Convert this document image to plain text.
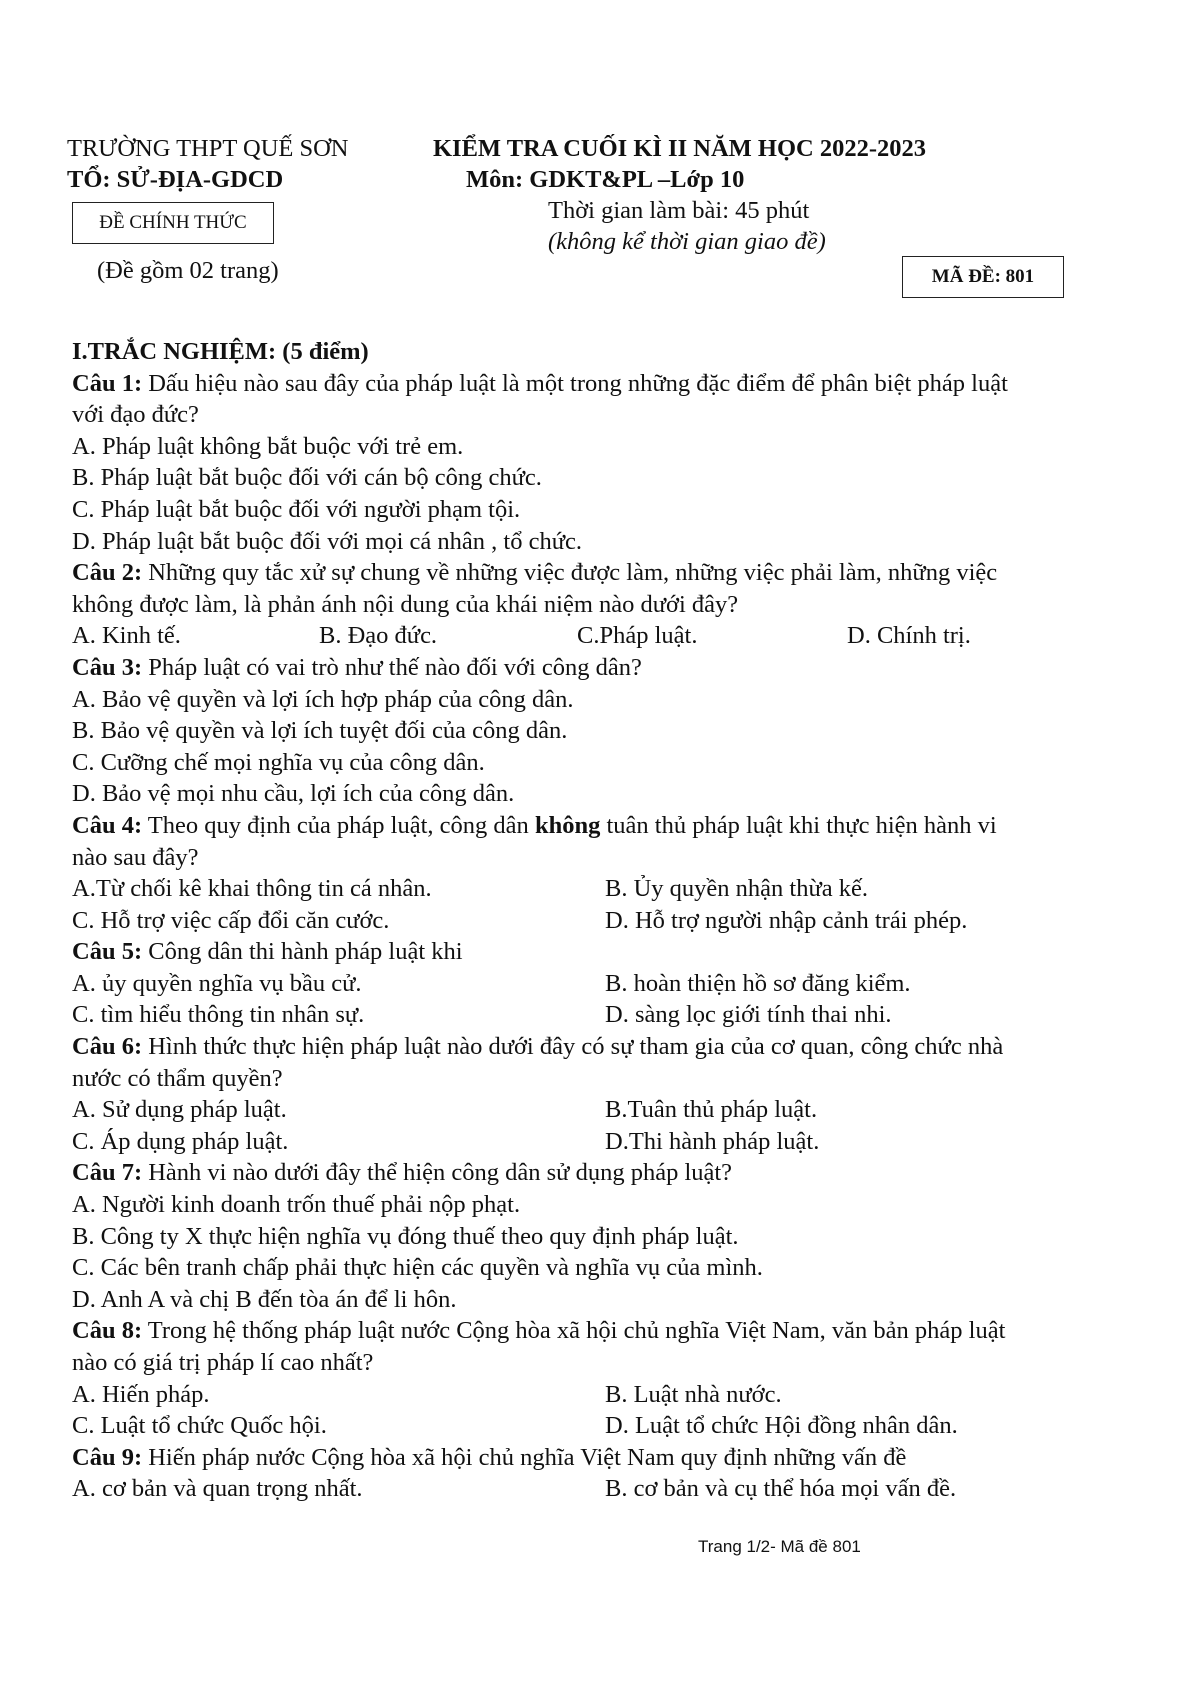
TRƯỜNG THPT QUẾ SƠN
TỔ: SỬ-ĐỊA-GDCD
ĐỀ CHÍNH THỨC
(Đề gồm 02 trang)
KIỂM TRA CUỐI KÌ II NĂM HỌC 2022-2023
Môn: GDKT&PL –Lớp 10
Thời gian làm bài: 45 phút
(không kể thời gian giao đề)
MÃ ĐỀ: 801
I.TRẮC NGHIỆM: (5 điểm)
Câu 1: Dấu hiệu nào sau đây của pháp luật là một trong những đặc điểm để phân biệt pháp luật
với đạo đức?
A. Pháp luật không bắt buộc với trẻ em.
B. Pháp luật bắt buộc đối với cán bộ công chức.
C. Pháp luật bắt buộc đối với người phạm tội.
D. Pháp luật bắt buộc đối với mọi cá nhân , tổ chức.
Câu 2: Những quy tắc xử sự chung về những việc được làm, những việc phải làm, những việc
không được làm, là phản ánh nội dung của khái niệm nào dưới đây?
A. Kinh tế.	B. Đạo đức.	C.Pháp luật.	D. Chính trị.
Câu 3: Pháp luật có vai trò như thế nào đối với công dân?
A. Bảo vệ quyền và lợi ích hợp pháp của công dân.
B. Bảo vệ quyền và lợi ích tuyệt đối của công dân.
C. Cưỡng chế mọi nghĩa vụ của công dân.
D. Bảo vệ mọi nhu cầu, lợi ích của công dân.
Câu 4: Theo quy định của pháp luật, công dân không tuân thủ pháp luật khi thực hiện hành vi
nào sau đây?
A.Từ chối kê khai thông tin cá nhân.	B. Ủy quyền nhận thừa kế.
C. Hỗ trợ việc cấp đổi căn cước.	D. Hỗ trợ người nhập cảnh trái phép.
Câu 5: Công dân thi hành pháp luật khi
A. ủy quyền nghĩa vụ bầu cử.	B. hoàn thiện hồ sơ đăng kiểm.
C. tìm hiểu thông tin nhân sự.	D. sàng lọc giới tính thai nhi.
Câu 6: Hình thức thực hiện pháp luật nào dưới đây có sự tham gia của cơ quan, công chức nhà
nước có thẩm quyền?
A. Sử dụng pháp luật.	B.Tuân thủ pháp luật.
C. Áp dụng pháp luật.	D.Thi hành pháp luật.
Câu 7: Hành vi nào dưới đây thể hiện công dân sử dụng pháp luật?
A. Người kinh doanh trốn thuế phải nộp phạt.
B. Công ty X thực hiện nghĩa vụ đóng thuế theo quy định pháp luật.
C. Các bên tranh chấp phải thực hiện các quyền và nghĩa vụ của mình.
D. Anh A và chị B đến tòa án để li hôn.
Câu 8: Trong hệ thống pháp luật nước Cộng hòa xã hội chủ nghĩa Việt Nam, văn bản pháp luật
nào có giá trị pháp lí cao nhất?
A. Hiến pháp.	B. Luật nhà nước.
C. Luật tổ chức Quốc hội.	D. Luật tổ chức Hội đồng nhân dân.
Câu 9: Hiến pháp nước Cộng hòa xã hội chủ nghĩa Việt Nam quy định những vấn đề
A. cơ bản và quan trọng nhất.	B. cơ bản và cụ thể hóa mọi vấn đề.
Trang 1/2- Mã đề 801
